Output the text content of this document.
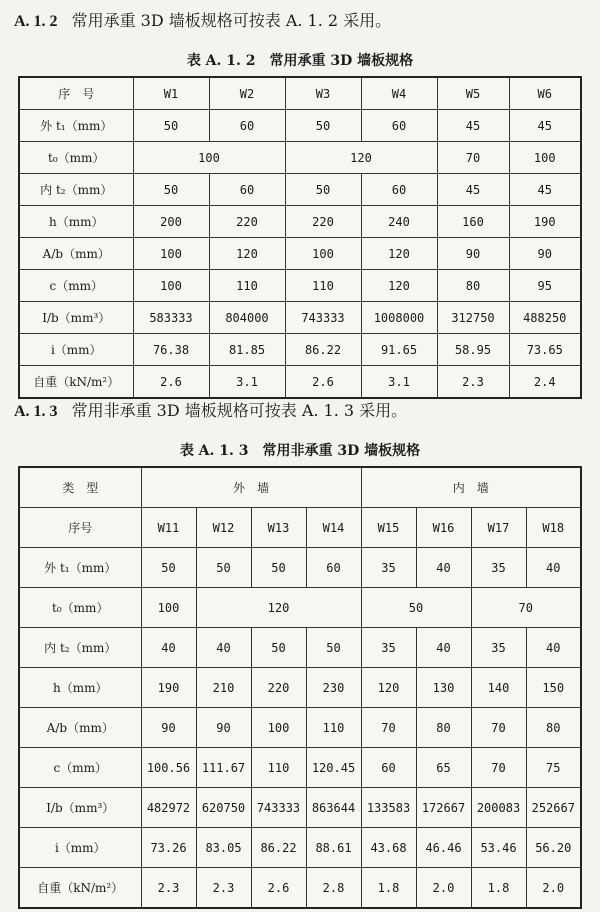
A. 1. 2 常用承重 3D 墙板规格可按表 A. 1. 2 采用。
表 A. 1. 2　常用承重 3D 墙板规格
序　号	W1	W2	W3	W4	W5	W6
外 t₁（mm）	50	60	50	60	45	45
t₀（mm）	100		120		70	100
内 t₂（mm）	50	60	50	60	45	45
h（mm）	200	220	220	240	160	190
A/b（mm）	100	120	100	120	90	90
c（mm）	100	110	110	120	80	95
I/b（mm³）	583333	804000	743333	1008000	312750	488250
i（mm）	76.38	81.85	86.22	91.65	58.95	73.65
自重（kN/m²）	2.6	3.1	2.6	3.1	2.3	2.4
A. 1. 3 常用非承重 3D 墙板规格可按表 A. 1. 3 采用。
表 A. 1. 3　常用非承重 3D 墙板规格
类　型	外　墙				内　墙			
序号	W11	W12	W13	W14	W15	W16	W17	W18
外 t₁（mm）	50	50	50	60	35	40	35	40
t₀（mm）	100	120			50		70	
内 t₂（mm）	40	40	50	50	35	40	35	40
h（mm）	190	210	220	230	120	130	140	150
A/b（mm）	90	90	100	110	70	80	70	80
c（mm）	100.56	111.67	110	120.45	60	65	70	75
I/b（mm³）	482972	620750	743333	863644	133583	172667	200083	252667
i（mm）	73.26	83.05	86.22	88.61	43.68	46.46	53.46	56.20
自重（kN/m²）	2.3	2.3	2.6	2.8	1.8	2.0	1.8	2.0
